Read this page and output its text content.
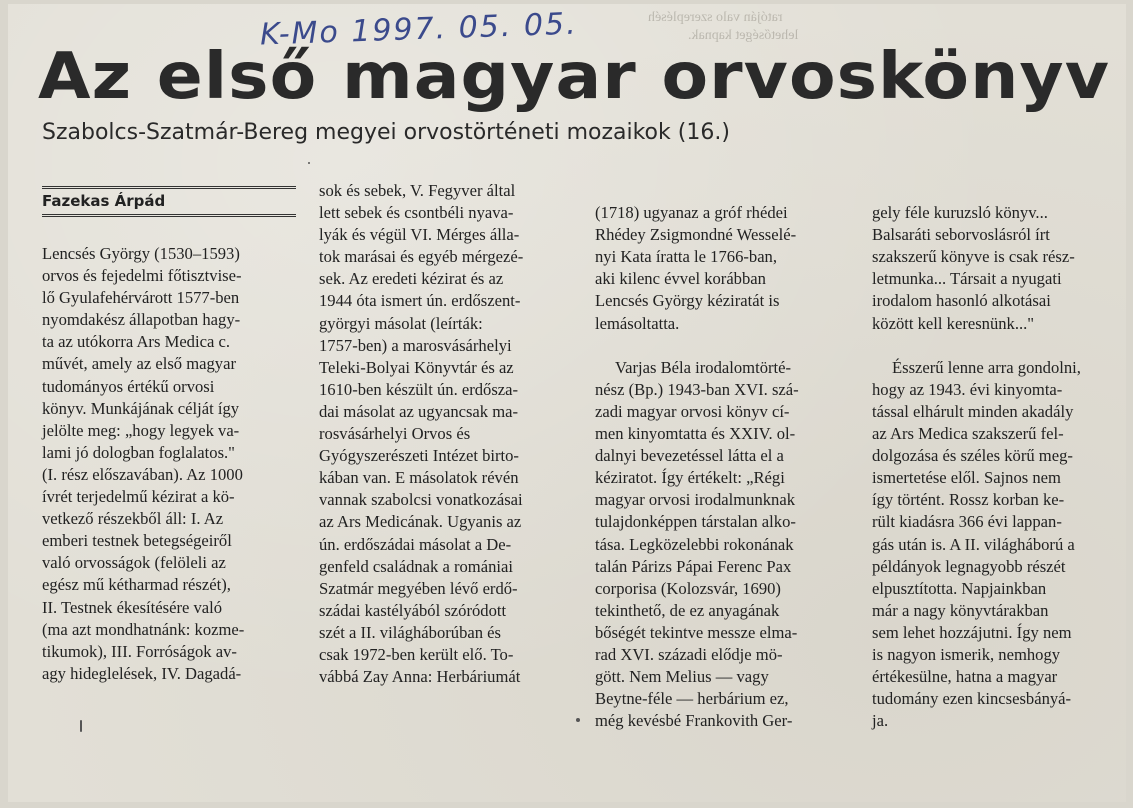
ratóján valo szerepléséh
lehetőséget kapnak.
K-Mo 1997. 05. 05.
Az első magyar orvoskönyv
Szabolcs-Szatmár-Bereg megyei orvostörténeti mozaikok (16.)
Fazekas Árpád
Lencsés György (1530–1593)
orvos és fejedelmi főtisztvise-
lő Gyulafehérvárott 1577-ben
nyomdakész állapotban hagy-
ta az utókorra Ars Medica c.
művét, amely az első magyar
tudományos értékű orvosi
könyv. Munkájának célját így
jelölte meg: „hogy legyek va-
lami jó dologban foglalatos."
(I. rész előszavában). Az 1000
ívrét terjedelmű kézirat a kö-
vetkező részekből áll: I. Az
emberi testnek betegségeiről
való orvosságok (felöleli az
egész mű kétharmad részét),
II. Testnek ékesítésére való
(ma azt mondhatnánk: kozme-
tikumok), III. Forróságok av-
agy hideglelések, IV. Dagadá-
sok és sebek, V. Fegyver által
lett sebek és csontbéli nyava-
lyák és végül VI. Mérges álla-
tok marásai és egyéb mérgezé-
sek. Az eredeti kézirat és az
1944 óta ismert ún. erdőszent-
györgyi másolat (leírták:
1757-ben) a marosvásárhelyi
Teleki-Bolyai Könyvtár és az
1610-ben készült ún. erdősza-
dai másolat az ugyancsak ma-
rosvásárhelyi Orvos és
Gyógyszerészeti Intézet birto-
kában van. E másolatok révén
vannak szabolcsi vonatkozásai
az Ars Medicának. Ugyanis az
ún. erdőszádai másolat a De-
genfeld családnak a romániai
Szatmár megyében lévő erdő-
szádai kastélyából szóródott
szét a II. világháborúban és
csak 1972-ben került elő. To-
vábbá Zay Anna: Herbáriumát

(1718) ugyanaz a gróf rhédei
Rhédey Zsigmondné Wesselé-
nyi Kata íratta le 1766-ban,
aki kilenc évvel korábban
Lencsés György kéziratát is
lemásoltatta.

Varjas Béla irodalomtörté-
nész (Bp.) 1943-ban XVI. szá-
zadi magyar orvosi könyv cí-
men kinyomtatta és XXIV. ol-
dalnyi bevezetéssel látta el a
kéziratot. Így értékelt: „Régi
magyar orvosi irodalmunknak
tulajdonképpen társtalan alko-
tása. Legközelebbi rokonának
talán Párizs Pápai Ferenc Pax
corporisa (Kolozsvár, 1690)
tekinthető, de ez anyagának
bőségét tekintve messze elma-
rad XVI. századi elődje mö-
gött. Nem Melius — vagy
Beytne-féle — herbárium ez,
még kevésbé Frankovith Ger-

gely féle kuruzsló könyv...
Balsaráti seborvoslásról írt
szakszerű könyve is csak rész-
letmunka... Társait a nyugati
irodalom hasonló alkotásai
között kell keresnünk..."

Ésszerű lenne arra gondolni,
hogy az 1943. évi kinyomta-
tással elhárult minden akadály
az Ars Medica szakszerű fel-
dolgozása és széles körű meg-
ismertetése elől. Sajnos nem
így történt. Rossz korban ke-
rült kiadásra 366 évi lappan-
gás után is. A II. világháború a
példányok legnagyobb részét
elpusztította. Napjainkban
már a nagy könyvtárakban
sem lehet hozzájutni. Így nem
is nagyon ismerik, nemhogy
értékesülne, hatna a magyar
tudomány ezen kincsesbányá-
ja.
